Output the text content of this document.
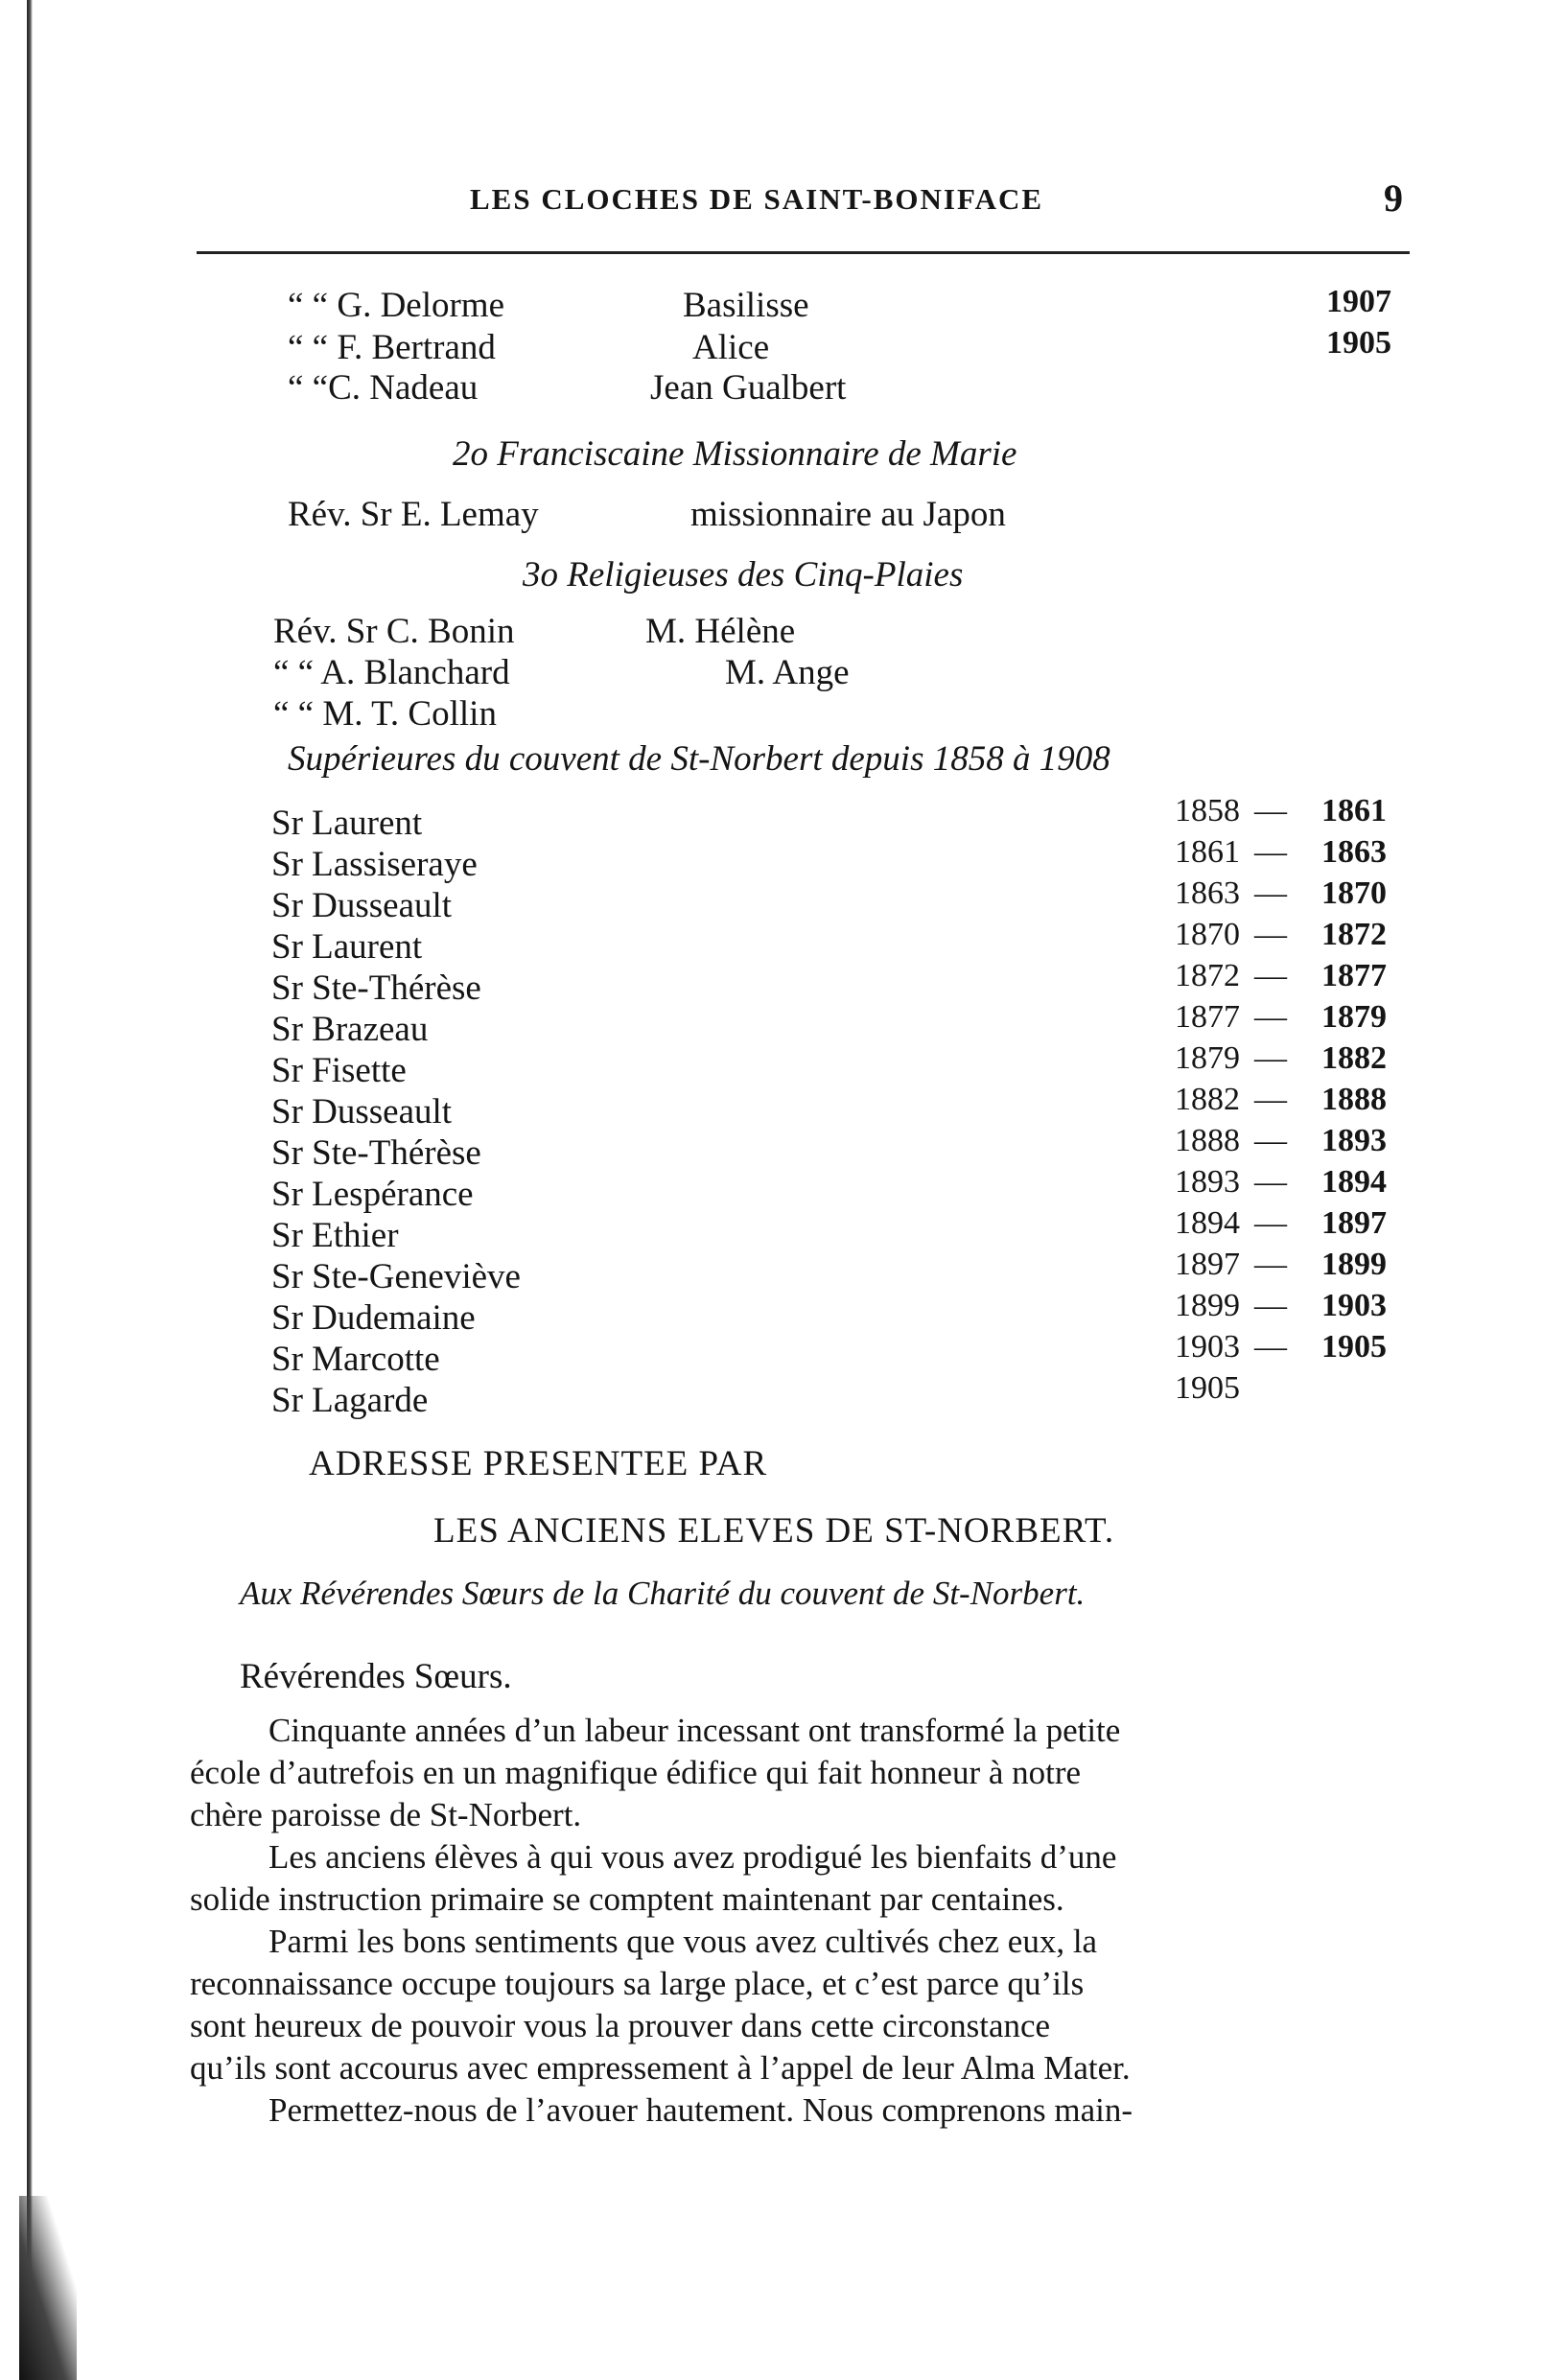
LES CLOCHES DE SAINT-BONIFACE	9
“ “ G. Delorme	Basilisse	1907
“ “ F. Bertrand	Alice	1905
“ “C. Nadeau	Jean Gualbert
2o Franciscaine Missionnaire de Marie
Rév. Sr E. Lemay	missionnaire au Japon
3o Religieuses des Cinq-Plaies
Rév. Sr C. Bonin	M. Hélène
“ “ A. Blanchard	M. Ange
“ “ M. T. Collin
Supérieures du couvent de St-Norbert depuis 1858 à 1908
Sr Laurent	1858 — 1861
Sr Lassiseraye	1861 — 1863
Sr Dusseault	1863 — 1870
Sr Laurent	1870 — 1872
Sr Ste-Thérèse	1872 — 1877
Sr Brazeau	1877 — 1879
Sr Fisette	1879 — 1882
Sr Dusseault	1882 — 1888
Sr Ste-Thérèse	1888 — 1893
Sr Lespérance	1893 — 1894
Sr Ethier	1894 — 1897
Sr Ste-Geneviève	1897 — 1899
Sr Dudemaine	1899 — 1903
Sr Marcotte	1903 — 1905
Sr Lagarde	1905
ADRESSE PRESENTEE PAR
LES ANCIENS ELEVES DE ST-NORBERT.
Aux Révérendes Sœurs de la Charité du couvent de St-Norbert.
Révérendes Sœurs.
Cinquante années d’un labeur incessant ont transformé la petite
école d’autrefois en un magnifique édifice qui fait honneur à notre
chère paroisse de St-Norbert.
Les anciens élèves à qui vous avez prodigué les bienfaits d’une
solide instruction primaire se comptent maintenant par centaines.
Parmi les bons sentiments que vous avez cultivés chez eux, la
reconnaissance occupe toujours sa large place, et c’est parce qu’ils
sont heureux de pouvoir vous la prouver dans cette circonstance
qu’ils sont accourus avec empressement à l’appel de leur Alma Mater.
Permettez-nous de l’avouer hautement. Nous comprenons main-
